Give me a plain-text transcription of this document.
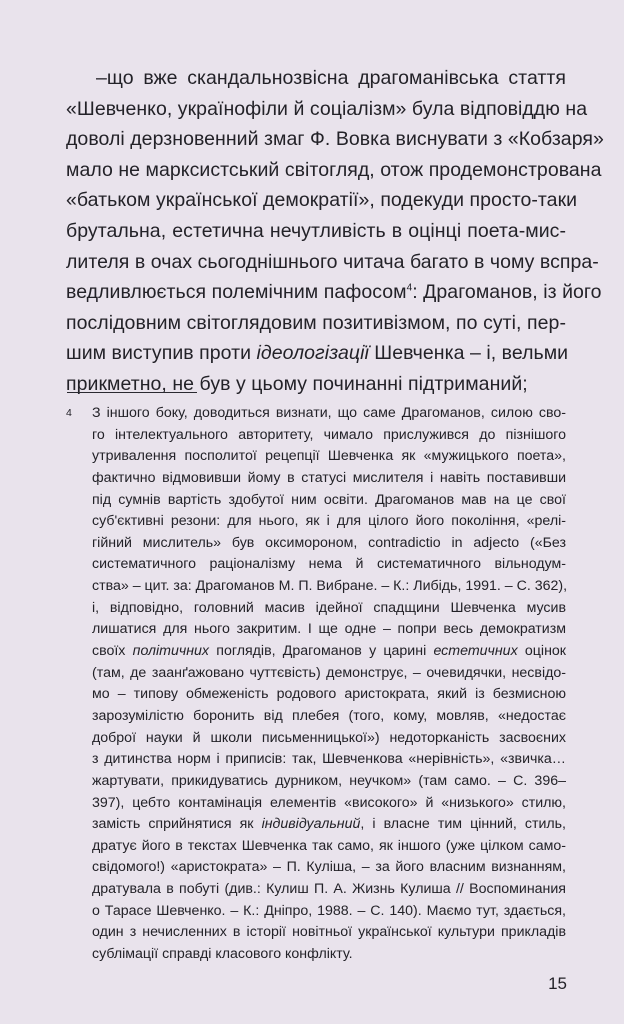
–що вже скандальнозвісна драгоманівська стаття
«Шевченко, українофіли й соціалізм» була відповіддю на
доволі дерзновенний змаг Ф. Вовка виснувати з «Кобзаря»
мало не марксистський світогляд, отож продемонстрована
«батьком української демократії», подекуди просто-таки
брутальна, естетична нечутливість в оцінці поета-мис-
лителя в очах сьогоднішнього читача багато в чому вспра-
ведливлюється полемічним пафосом$^4$: Драгоманов, із його
послідовним світоглядовим позитивізмом, по суті, пер-
шим виступив проти ідеологізації Шевченка – і, вельми
прикметно, не був у цьому починанні підтриманий;
4 З іншого боку, доводиться визнати, що саме Драгоманов, силою сво-
го інтелектуального авторитету, чимало прислужився до пізнішого
утривалення посполитої рецепції Шевченка як «мужицького поета»,
фактично відмовивши йому в статусі мислителя і навіть поставивши
під сумнів вартість здобутої ним освіти. Драгоманов мав на це свої
суб'єктивні резони: для нього, як і для цілого його покоління, «релі-
гійний мислитель» був оксимороном, contradictio in adjecto («Без
систематичного раціоналізму нема й систематичного вільнодум-
ства» – цит. за: Драгоманов М. П. Вибране. – К.: Либідь, 1991. – С. 362),
і, відповідно, головний масив ідейної спадщини Шевченка мусив
лишатися для нього закритим. І ще одне – попри весь демократизм
своїх політичних поглядів, Драгоманов у царині естетичних оцінок
(там, де заанґажовано чуттєвість) демонструє, – очевидячки, несвідо-
мо – типову обмеженість родового аристократа, який із безмисною
зарозумілістю боронить від плебея (того, кому, мовляв, «недостає
доброї науки й школи письменницької») недоторканість засвоєних
з дитинства норм і приписів: так, Шевченкова «нерівність», «звичка…
жартувати, прикидуватись дурником, неучком» (там само. – С. 396–
397), цебто контамінація елементів «високого» й «низького» стилю,
замість сприйнятися як індивідуальний, і власне тим цінний, стиль,
дратує його в текстах Шевченка так само, як іншого (уже цілком само-
свідомого!) «аристократа» – П. Куліша, – за його власним визнанням,
дратувала в побуті (див.: Кулиш П. А. Жизнь Кулиша // Воспоминания
о Тарасе Шевченко. – К.: Дніпро, 1988. – С. 140). Маємо тут, здається,
один з нечисленних в історії новітньої української культури прикладів
сублімації справді класового конфлікту.
15
